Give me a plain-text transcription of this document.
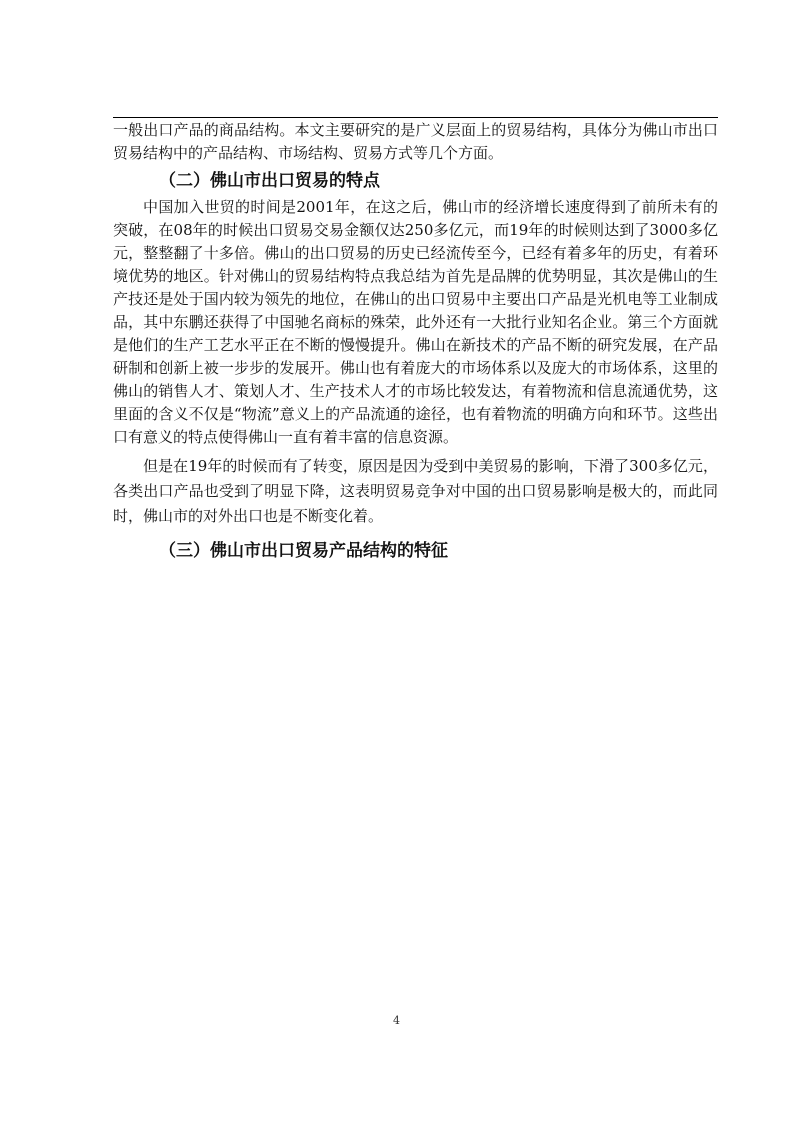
一般出口产品的商品结构。本文主要研究的是广义层面上的贸易结构，具体分为佛山市出口贸易结构中的产品结构、市场结构、贸易方式等几个方面。

（二）佛山市出口贸易的特点

中国加入世贸的时间是2001年，在这之后，佛山市的经济增长速度得到了前所未有的突破，在08年的时候出口贸易交易金额仅达250多亿元，而19年的时候则达到了3000多亿元，整整翻了十多倍。佛山的出口贸易的历史已经流传至今，已经有着多年的历史，有着环境优势的地区。针对佛山的贸易结构特点我总结为首先是品牌的优势明显，其次是佛山的生产技还是处于国内较为领先的地位，在佛山的出口贸易中主要出口产品是光机电等工业制成品，其中东鹏还获得了中国驰名商标的殊荣，此外还有一大批行业知名企业。第三个方面就是他们的生产工艺水平正在不断的慢慢提升。佛山在新技术的产品不断的研究发展，在产品研制和创新上被一步步的发展开。佛山也有着庞大的市场体系以及庞大的市场体系，这里的佛山的销售人才、策划人才、生产技术人才的市场比较发达，有着物流和信息流通优势，这里面的含义不仅是“物流”意义上的产品流通的途径，也有着物流的明确方向和环节。这些出口有意义的特点使得佛山一直有着丰富的信息资源。

但是在19年的时候而有了转变，原因是因为受到中美贸易的影响，下滑了300多亿元，各类出口产品也受到了明显下降，这表明贸易竞争对中国的出口贸易影响是极大的，而此同时，佛山市的对外出口也是不断变化着。

（三）佛山市出口贸易产品结构的特征
4
